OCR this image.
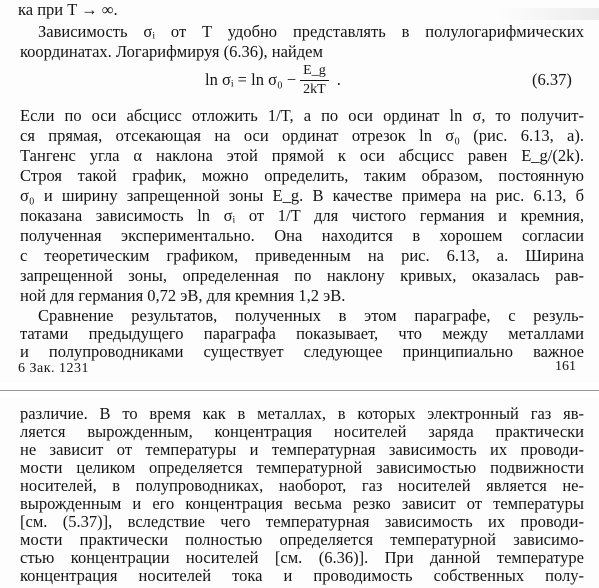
ка при T → ∞.
Зависимость σᵢ от T удобно представлять в полулогарифмических
координатах. Логарифмируя (6.36), найдем
ln σᵢ = $\ln \sigma_0 - \frac{E\_g}{2kT}$ .	(6.37)
Если по оси абсцисс отложить 1/T, а по оси ординат ln σ, то получит-
ся прямая, отсекающая на оси ординат отрезок ln σ₀ (рис. 6.13, а).
Тангенс угла α наклона этой прямой к оси абсцисс равен E_g/(2k).
Строя такой график, можно определить, таким образом, постоянную
σ₀ и ширину запрещенной зоны E_g. В качестве примера на рис. 6.13, б
показана зависимость ln σᵢ от 1/T для чистого германия и кремния,
полученная экспериментально. Она находится в хорошем согласии
с теоретическим графиком, приведенным на рис. 6.13, а. Ширина
запрещенной зоны, определенная по наклону кривых, оказалась рав-
ной для германия 0,72 эВ, для кремния 1,2 эВ.
Сравнение результатов, полученных в этом параграфе, с резуль-
татами предыдущего параграфа показывает, что между металлами
и полупроводниками существует следующее принципиально важное
6 Зак. 1231	161
различие. В то время как в металлах, в которых электронный газ яв-
ляется вырожденным, концентрация носителей заряда практически
не зависит от температуры и температурная зависимость их проводи-
мости целиком определяется температурной зависимостью подвижности
носителей, в полупроводниках, наоборот, газ носителей является не-
вырожденным и его концентрация весьма резко зависит от температуры
[см. (5.37)], вследствие чего температурная зависимость их проводи-
мости практически полностью определяется температурной зависимо-
стью концентрации носителей [см. (6.36)]. При данной температуре
концентрация носителей тока и проводимость собственных полу-
